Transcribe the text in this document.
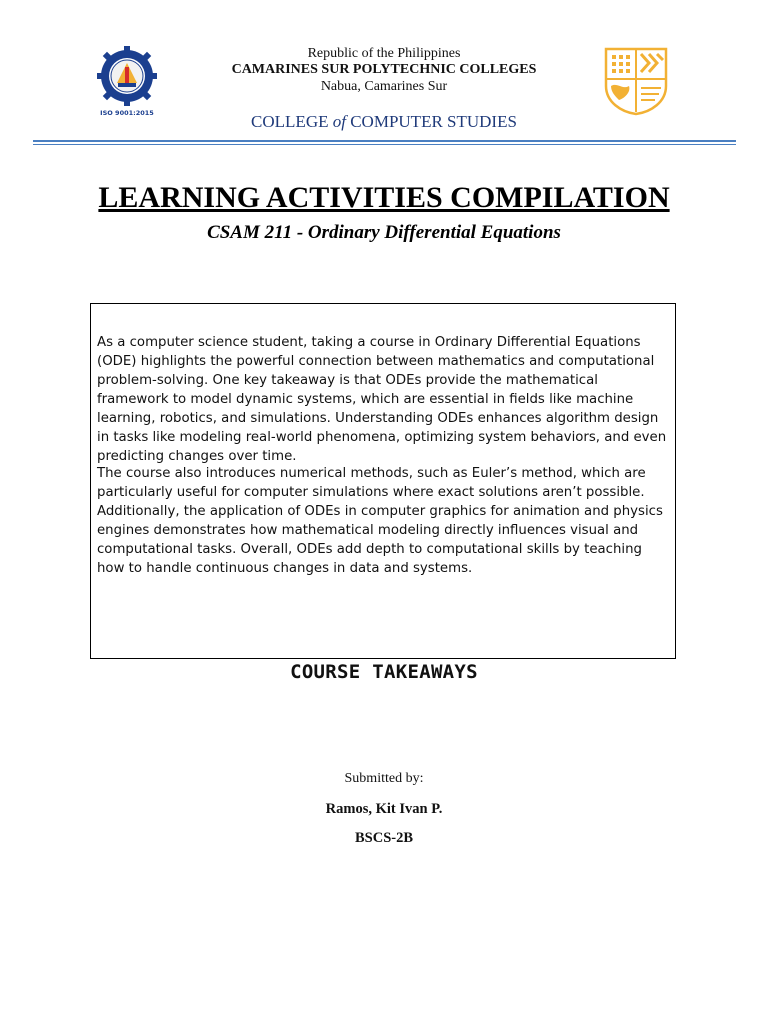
ISO 9001:2015
Republic of the Philippines
CAMARINES SUR POLYTECHNIC COLLEGES
Nabua, Camarines Sur
COLLEGE of COMPUTER STUDIES
LEARNING ACTIVITIES COMPILATION
CSAM 211 - Ordinary Differential Equations

As a computer science student, taking a course in Ordinary Differential Equations (ODE) highlights the powerful connection between mathematics and computational problem-solving. One key takeaway is that ODEs provide the mathematical framework to model dynamic systems, which are essential in fields like machine learning, robotics, and simulations. Understanding ODEs enhances algorithm design in tasks like modeling real-world phenomena, optimizing system behaviors, and even predicting changes over time.

The course also introduces numerical methods, such as Euler’s method, which are particularly useful for computer simulations where exact solutions aren’t possible. Additionally, the application of ODEs in computer graphics for animation and physics engines demonstrates how mathematical modeling directly influences visual and computational tasks. Overall, ODEs add depth to computational skills by teaching how to handle continuous changes in data and systems.

COURSE TAKEAWAYS
Submitted by:
Ramos, Kit Ivan P.
BSCS-2B
